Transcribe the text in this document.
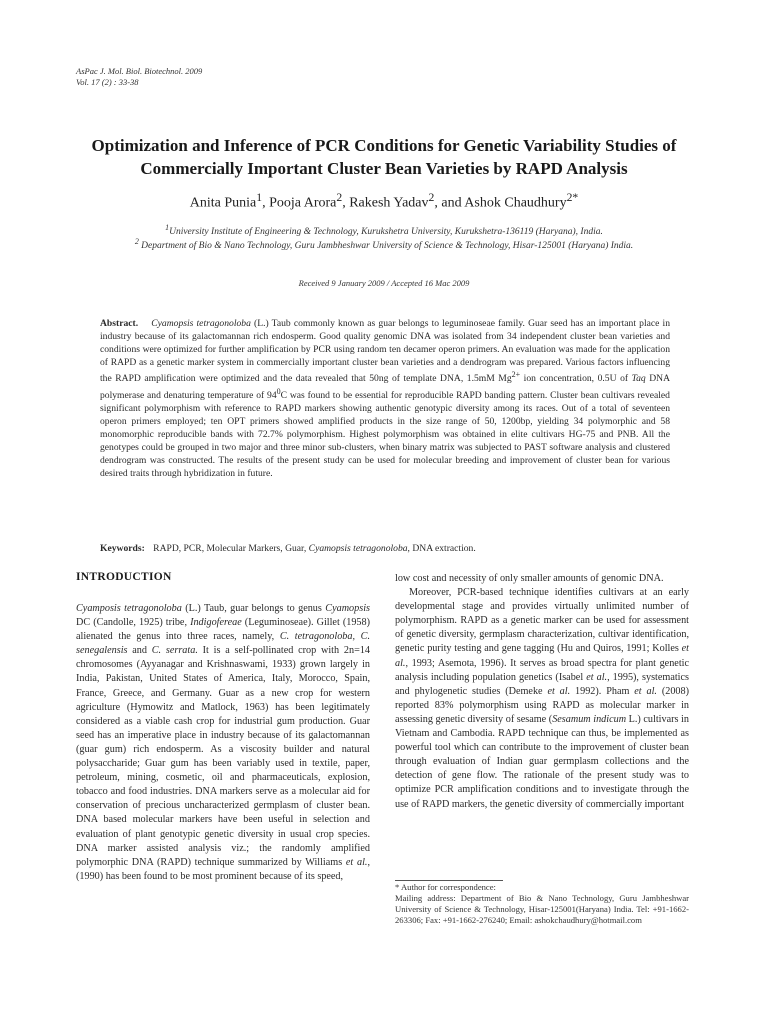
AsPac J. Mol. Biol. Biotechnol. 2009
Vol. 17 (2) : 33-38
Optimization and Inference of PCR Conditions for Genetic Variability Studies of
Commercially Important Cluster Bean Varieties by RAPD Analysis
Anita Punia$^1$, Pooja Arora$^2$, Rakesh Yadav$^2$, and Ashok Chaudhury$^{2*}$
$^1$University Institute of Engineering & Technology, Kurukshetra University, Kurukshetra-136119 (Haryana), India.
$^2$ Department of Bio & Nano Technology, Guru Jambheshwar University of Science & Technology, Hisar-125001 (Haryana) India.
Received 9 January 2009 / Accepted 16 Mac 2009
Abstract. Cyamopsis tetragonoloba (L.) Taub commonly known as guar belongs to leguminoseae family. Guar seed has an important place in industry because of its galactomannan rich endosperm. Good quality genomic DNA was isolated from 34 independent cluster bean varieties and conditions were optimized for further amplification by PCR using random ten decamer operon primers. An evaluation was made for the application of RAPD as a genetic marker system in commercially important cluster bean varieties and a dendrogram was prepared. Various factors influencing the RAPD amplification were optimized and the data revealed that 50ng of template DNA, 1.5mM $Mg^{2+}$ ion concentration, 0.5U of Taq DNA polymerase and denaturing temperature of $94^0C$ was found to be essential for reproducible RAPD banding pattern. Cluster bean cultivars revealed significant polymorphism with reference to RAPD markers showing authentic genotypic diversity among its races. Out of a total of seventeen operon primers employed; ten OPT primers showed amplified products in the size range of 50, 1200bp, yielding 34 polymorphic and 58 monomorphic reproducible bands with 72.7% polymorphism. Highest polymorphism was obtained in elite cultivars HG-75 and PNB. All the genotypes could be grouped in two major and three minor sub-clusters, when binary matrix was subjected to PAST software analysis and clustered dendrogram was constructed. The results of the present study can be used for molecular breeding and improvement of cluster bean for various desired traits through hybridization in future.
Keywords: RAPD, PCR, Molecular Markers, Guar, Cyamopsis tetragonoloba, DNA extraction.
INTRODUCTION

Cyamposis tetragonoloba (L.) Taub, guar belongs to genus Cyamopsis DC (Candolle, 1925) tribe, Indigofereae (Leguminoseae). Gillet (1958) alienated the genus into three races, namely, C. tetragonoloba, C. senegalensis and C. serrata. It is a self-pollinated crop with 2n=14 chromosomes (Ayyanagar and Krishnaswami, 1933) grown largely in India, Pakistan, United States of America, Italy, Morocco, Spain, France, Greece, and Germany. Guar as a new crop for western agriculture (Hymowitz and Matlock, 1963) has been legitimately considered as a viable cash crop for industrial gum production. Guar seed has an imperative place in industry because of its galactomannan (guar gum) rich endosperm. As a viscosity builder and natural polysaccharide; Guar gum has been variably used in textile, paper, petroleum, mining, cosmetic, oil and pharmaceuticals, explosion, tobacco and food industries. DNA markers serve as a molecular aid for conservation of precious uncharacterized germplasm of cluster bean. DNA based molecular markers have been useful in selection and evaluation of plant genotypic genetic diversity in usual crop species. DNA marker assisted analysis viz.; the randomly amplified polymorphic DNA (RAPD) technique summarized by Williams et al., (1990) has been found to be most prominent because of its speed,

low cost and necessity of only smaller amounts of genomic DNA.

Moreover, PCR-based technique identifies cultivars at an early developmental stage and provides virtually unlimited number of polymorphism. RAPD as a genetic marker can be used for assessment of genetic diversity, germplasm characterization, cultivar identification, genetic purity testing and gene tagging (Hu and Quiros, 1991; Kolles et al., 1993; Asemota, 1996). It serves as broad spectra for plant genetic analysis including population genetics (Isabel et al., 1995), systematics and phylogenetic studies (Demeke et al. 1992). Pham et al. (2008) reported 83% polymorphism using RAPD as molecular marker in assessing genetic diversity of sesame (Sesamum indicum L.) cultivars in Vietnam and Cambodia. RAPD technique can thus, be implemented as powerful tool which can contribute to the improvement of cluster bean through evaluation of Indian guar germplasm collections and the detection of gene flow. The rationale of the present study was to optimize PCR amplification conditions and to investigate through the use of RAPD markers, the genetic diversity of commercially important

* Author for correspondence:

Mailing address: Department of Bio & Nano Technology, Guru Jambheshwar University of Science & Technology, Hisar-125001(Haryana) India. Tel: +91-1662-263306; Fax: +91-1662-276240; Email: ashokchaudhury@hotmail.com
